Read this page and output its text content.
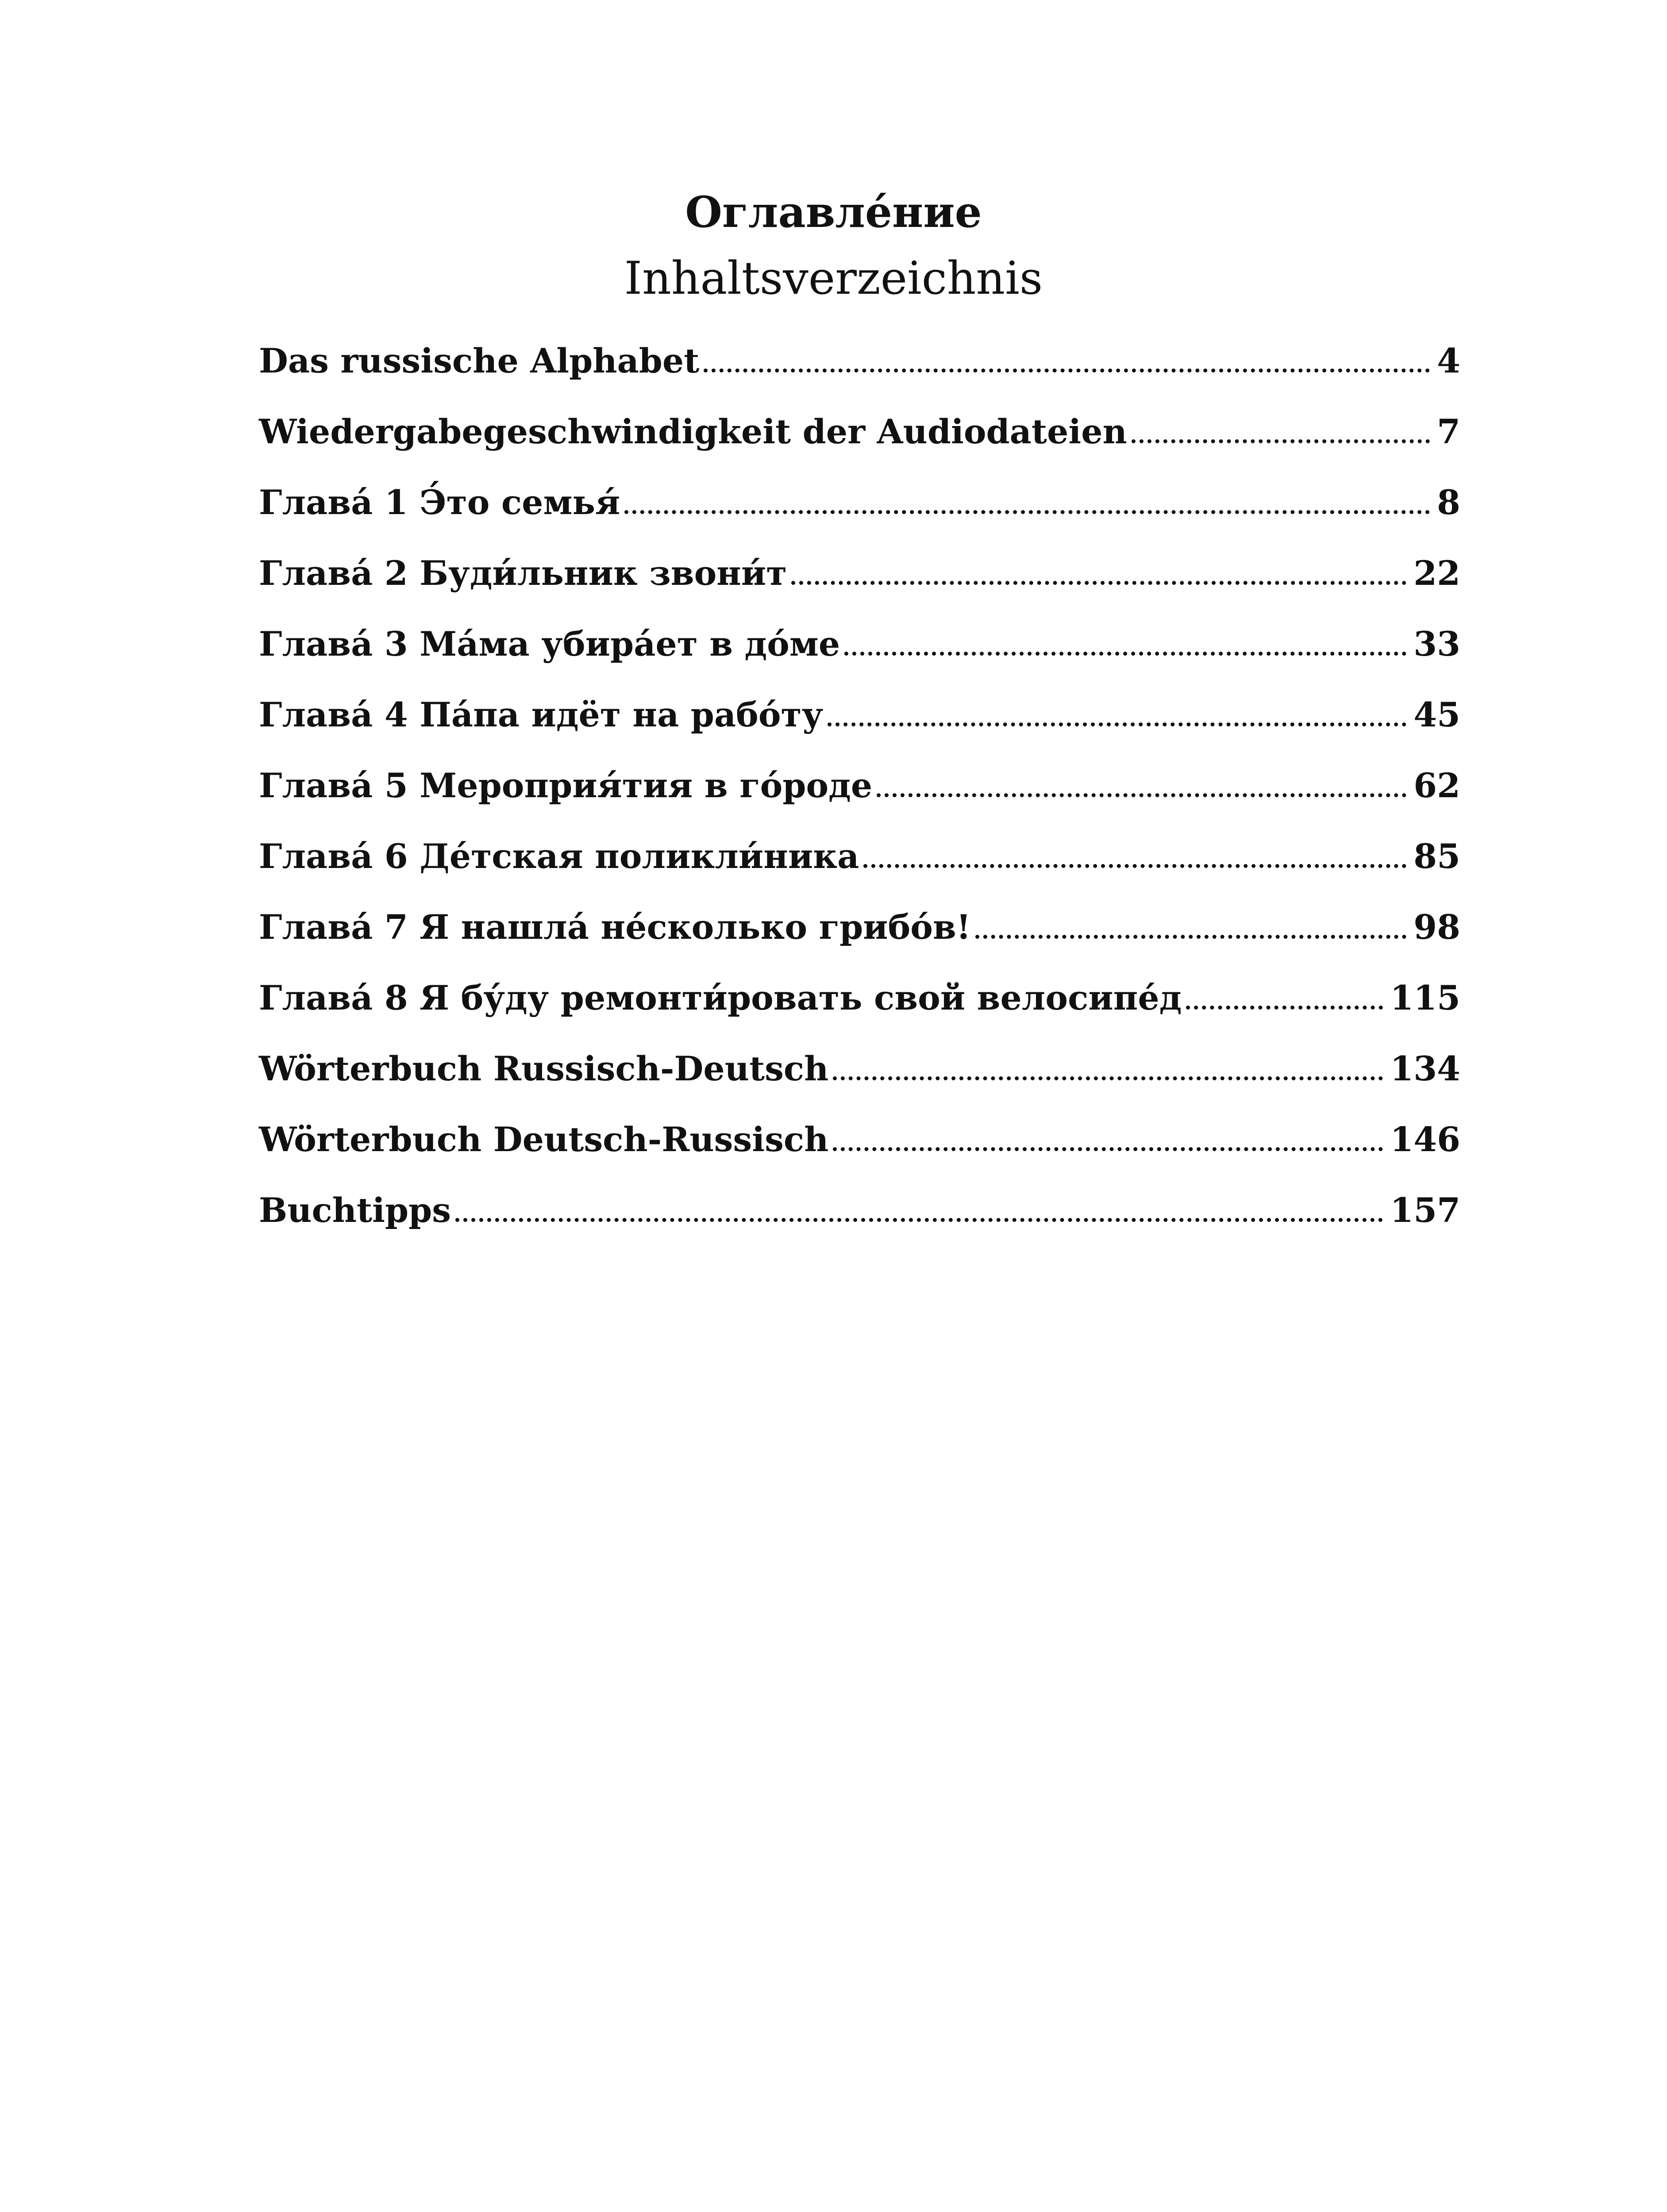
Оглавле́ние
Inhaltsverzeichnis
Das russische Alphabet	4
Wiedergabegeschwindigkeit der Audiodateien	7
Глава́ 1 Э́то семья́	8
Глава́ 2 Буди́льник звони́т	22
Глава́ 3 Ма́ма убира́ет в до́ме	33
Глава́ 4 Па́па идёт на рабо́ту	45
Глава́ 5 Мероприя́тия в го́роде	62
Глава́ 6 Де́тская поликли́ника	85
Глава́ 7 Я нашла́ не́сколько грибо́в!	98
Глава́ 8 Я бу́ду ремонти́ровать свой велосипе́д	115
Wörterbuch Russisch-Deutsch	134
Wörterbuch Deutsch-Russisch	146
Buchtipps	157
